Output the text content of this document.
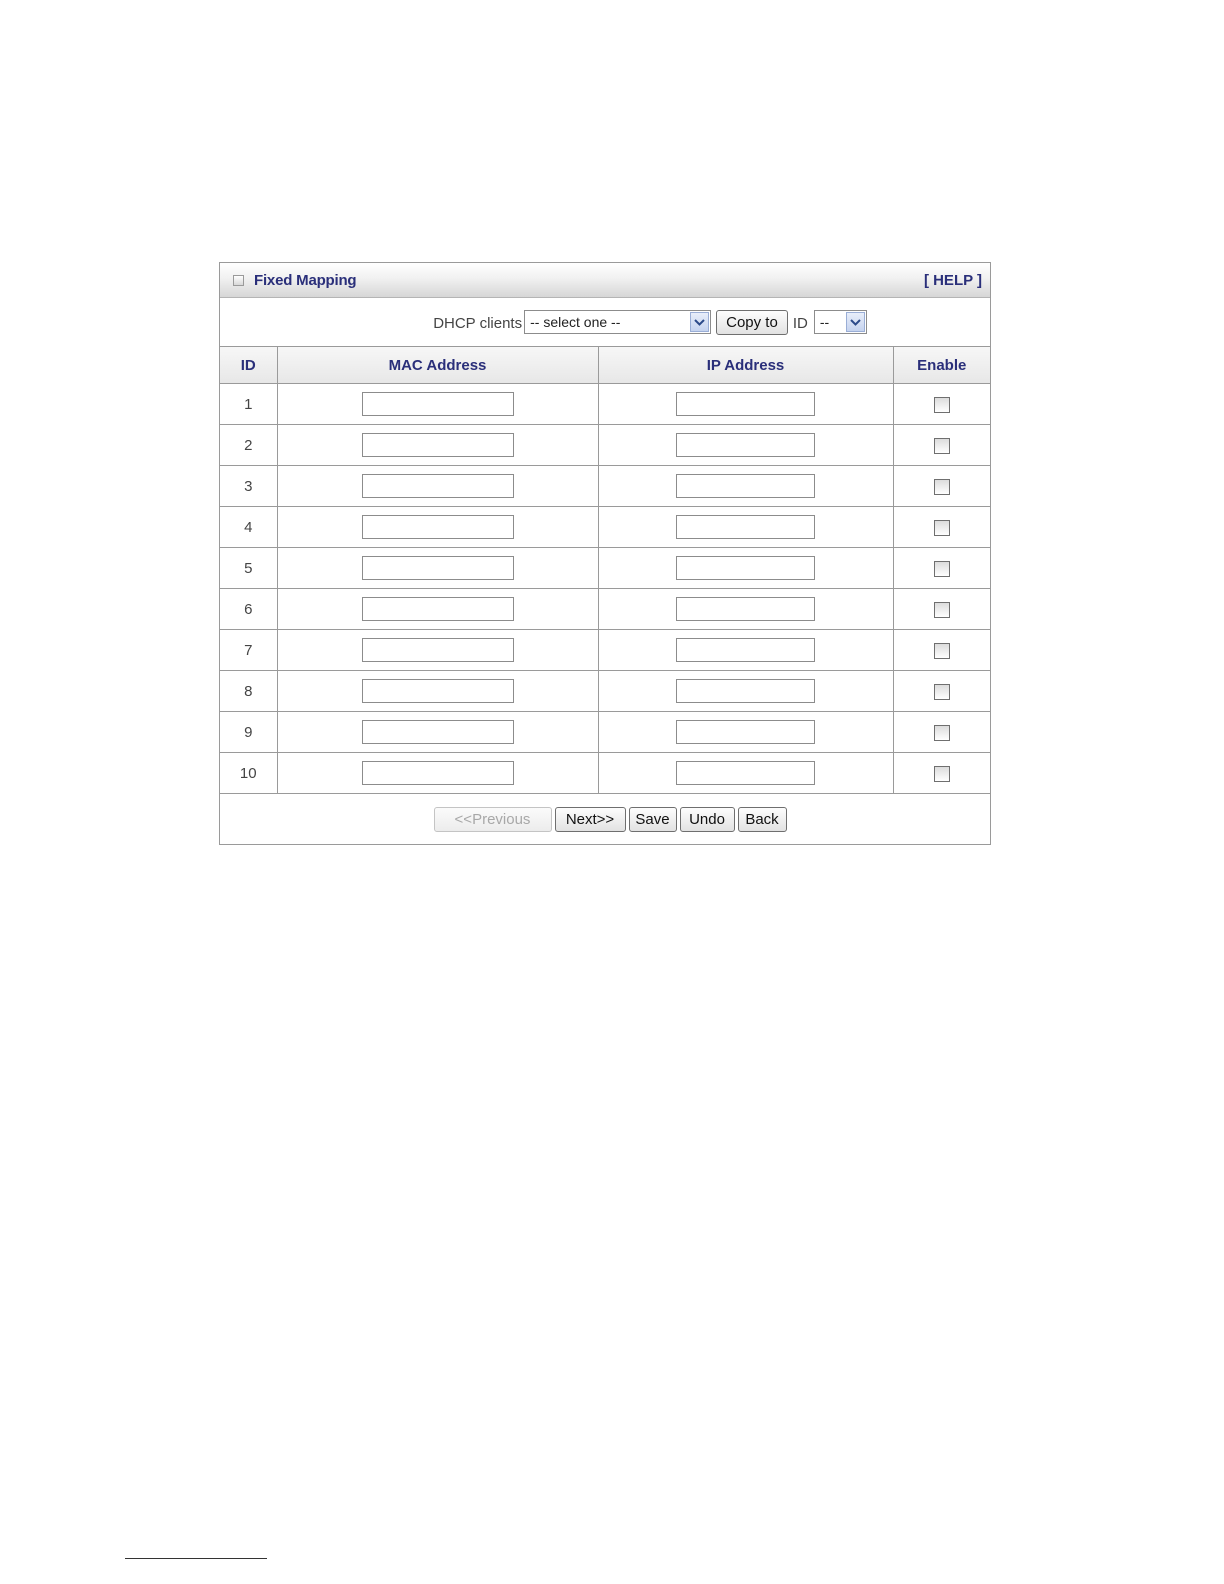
Fixed Mapping	[ HELP ]
DHCP clients -- select one --	Copy to	ID --
ID	MAC Address	IP Address	Enable
1			
2			
3			
4			
5			
6			
7			
8			
9			
10			
<<Previous	Next>>	Save	Undo	Back
